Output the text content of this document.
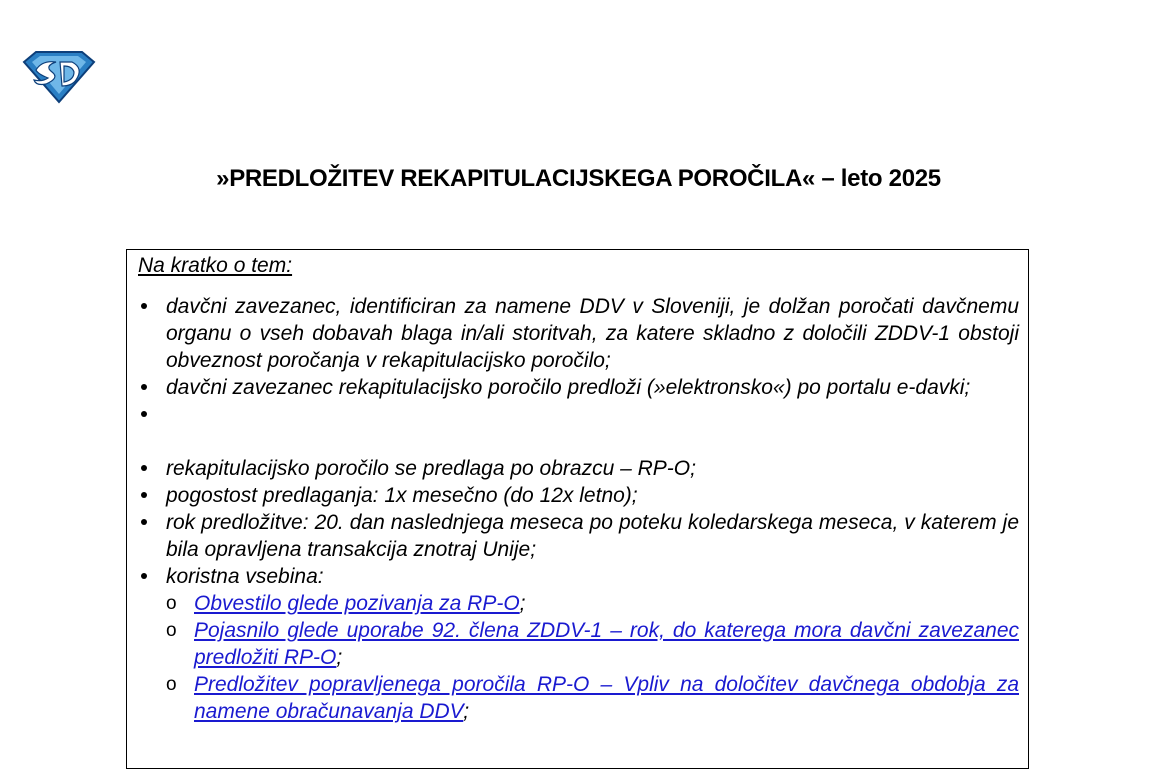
»PREDLOŽITEV REKAPITULACIJSKEGA POROČILA« – leto 2025
Na kratko o tem:
davčni zavezanec, identificiran za namene DDV v Sloveniji, je dolžan poročati davčnemu organu o vseh dobavah blaga in/ali storitvah, za katere skladno z določili ZDDV-1 obstoji obveznost poročanja v rekapitulacijsko poročilo;
davčni zavezanec rekapitulacijsko poročilo predloži (»elektronsko«) po portalu e-davki;
rekapitulacijsko poročilo se predlaga po obrazcu – RP-O;
pogostost predlaganja: 1x mesečno (do 12x letno);
rok predložitve: 20. dan naslednjega meseca po poteku koledarskega meseca, v katerem je bila opravljena transakcija znotraj Unije;
koristna vsebina:
o Obvestilo glede pozivanja za RP-O;
o Pojasnilo glede uporabe 92. člena ZDDV-1 – rok, do katerega mora davčni zavezanec predložiti RP-O;
o Predložitev popravljenega poročila RP-O – Vpliv na določitev davčnega obdobja za namene obračunavanja DDV;
